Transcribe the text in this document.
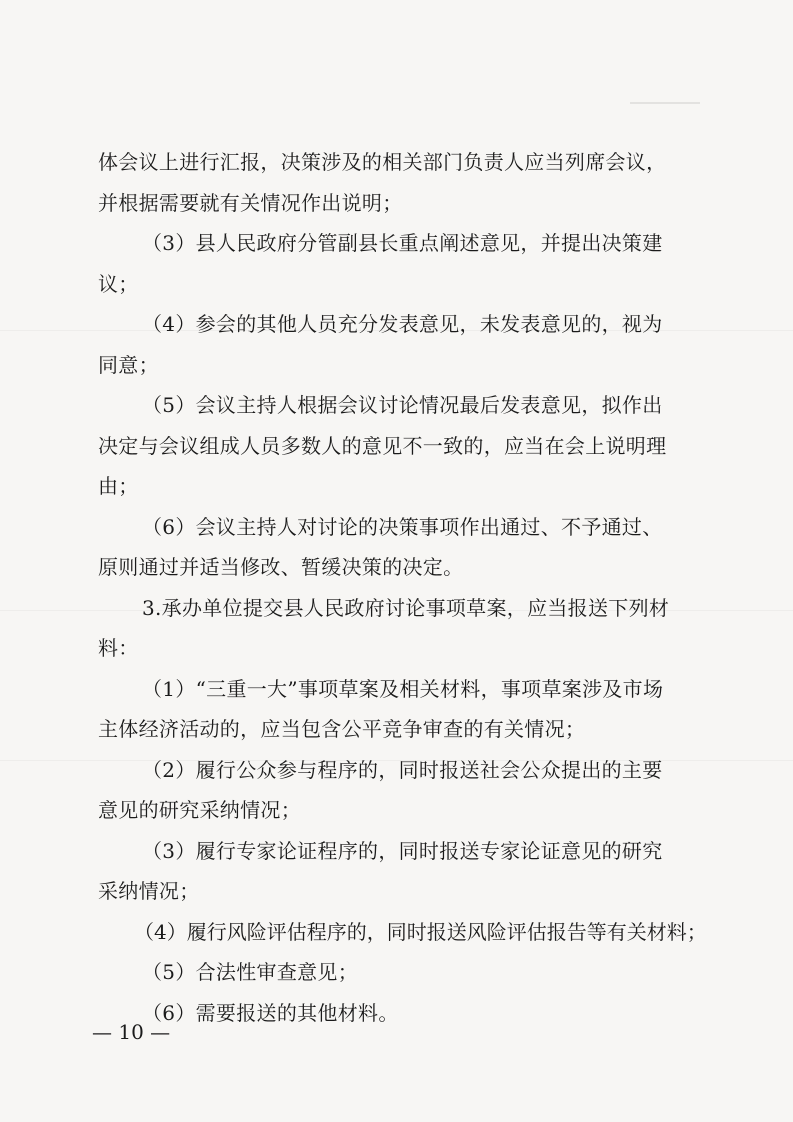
体会议上进行汇报，决策涉及的相关部门负责人应当列席会议，
并根据需要就有关情况作出说明；
（3）县人民政府分管副县长重点阐述意见，并提出决策建
议；
（4）参会的其他人员充分发表意见，未发表意见的，视为
同意；
（5）会议主持人根据会议讨论情况最后发表意见，拟作出
决定与会议组成人员多数人的意见不一致的，应当在会上说明理
由；
（6）会议主持人对讨论的决策事项作出通过、不予通过、
原则通过并适当修改、暂缓决策的决定。
3.承办单位提交县人民政府讨论事项草案，应当报送下列材
料：
（1）“三重一大”事项草案及相关材料，事项草案涉及市场
主体经济活动的，应当包含公平竞争审查的有关情况；
（2）履行公众参与程序的，同时报送社会公众提出的主要
意见的研究采纳情况；
（3）履行专家论证程序的，同时报送专家论证意见的研究
采纳情况；
（4）履行风险评估程序的，同时报送风险评估报告等有关材料；
（5）合法性审查意见；
（6）需要报送的其他材料。
— 10 —
